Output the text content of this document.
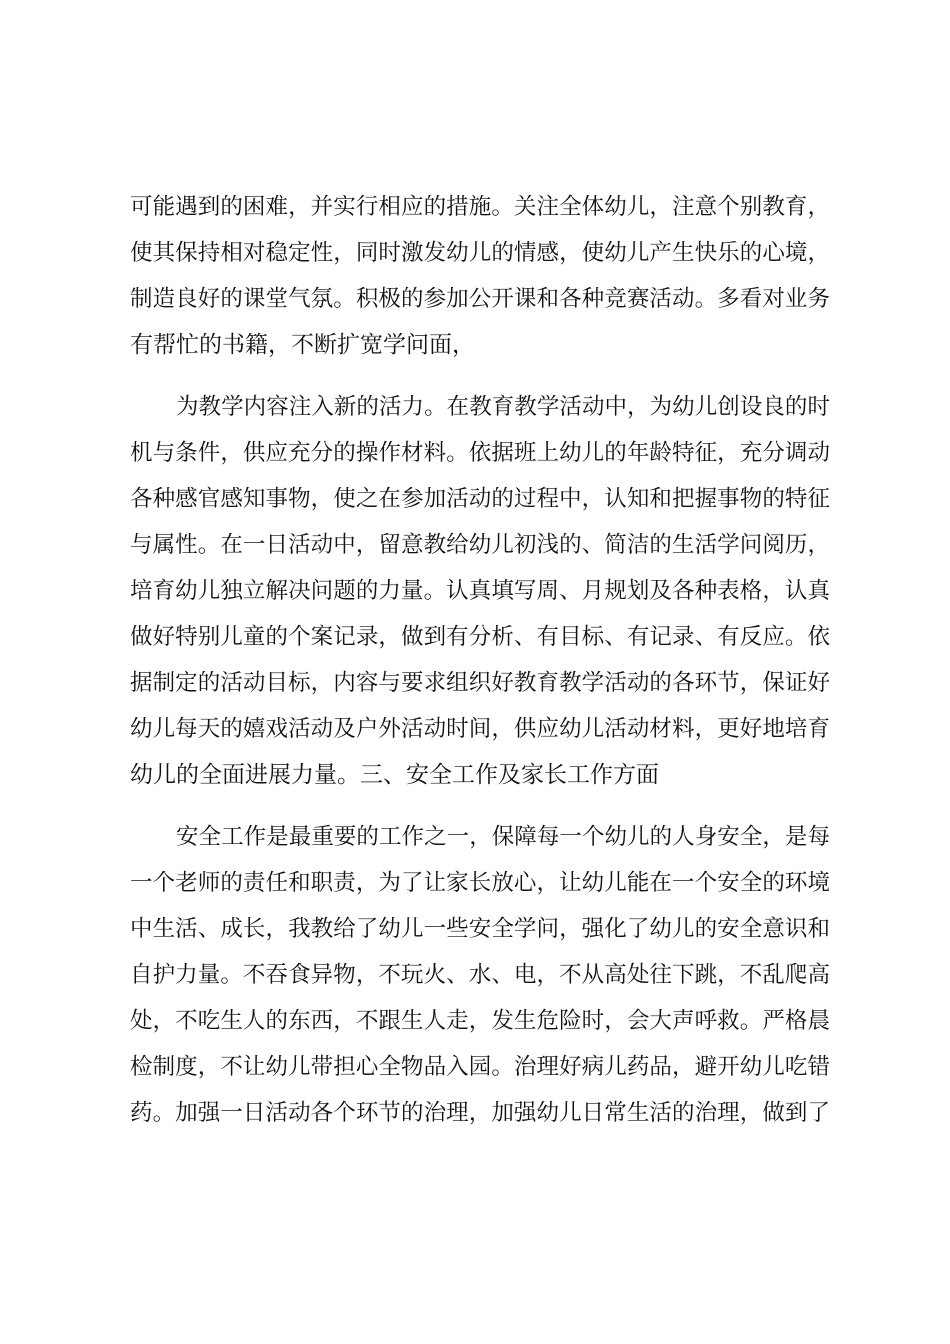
可能遇到的困难，并实行相应的措施。关注全体幼儿，注意个别教育，
使其保持相对稳定性，同时激发幼儿的情感，使幼儿产生快乐的心境，
制造良好的课堂气氛。积极的参加公开课和各种竞赛活动。多看对业务
有帮忙的书籍，不断扩宽学问面，
为教学内容注入新的活力。在教育教学活动中，为幼儿创设良的时
机与条件，供应充分的操作材料。依据班上幼儿的年龄特征，充分调动
各种感官感知事物，使之在参加活动的过程中，认知和把握事物的特征
与属性。在一日活动中，留意教给幼儿初浅的、简洁的生活学问阅历，
培育幼儿独立解决问题的力量。认真填写周、月规划及各种表格，认真
做好特别儿童的个案记录，做到有分析、有目标、有记录、有反应。依
据制定的活动目标，内容与要求组织好教育教学活动的各环节，保证好
幼儿每天的嬉戏活动及户外活动时间，供应幼儿活动材料，更好地培育
幼儿的全面进展力量。三、安全工作及家长工作方面
安全工作是最重要的工作之一，保障每一个幼儿的人身安全，是每
一个老师的责任和职责，为了让家长放心，让幼儿能在一个安全的环境
中生活、成长，我教给了幼儿一些安全学问，强化了幼儿的安全意识和
自护力量。不吞食异物，不玩火、水、电，不从高处往下跳，不乱爬高
处，不吃生人的东西，不跟生人走，发生危险时，会大声呼救。严格晨
检制度，不让幼儿带担心全物品入园。治理好病儿药品，避开幼儿吃错
药。加强一日活动各个环节的治理，加强幼儿日常生活的治理，做到了
